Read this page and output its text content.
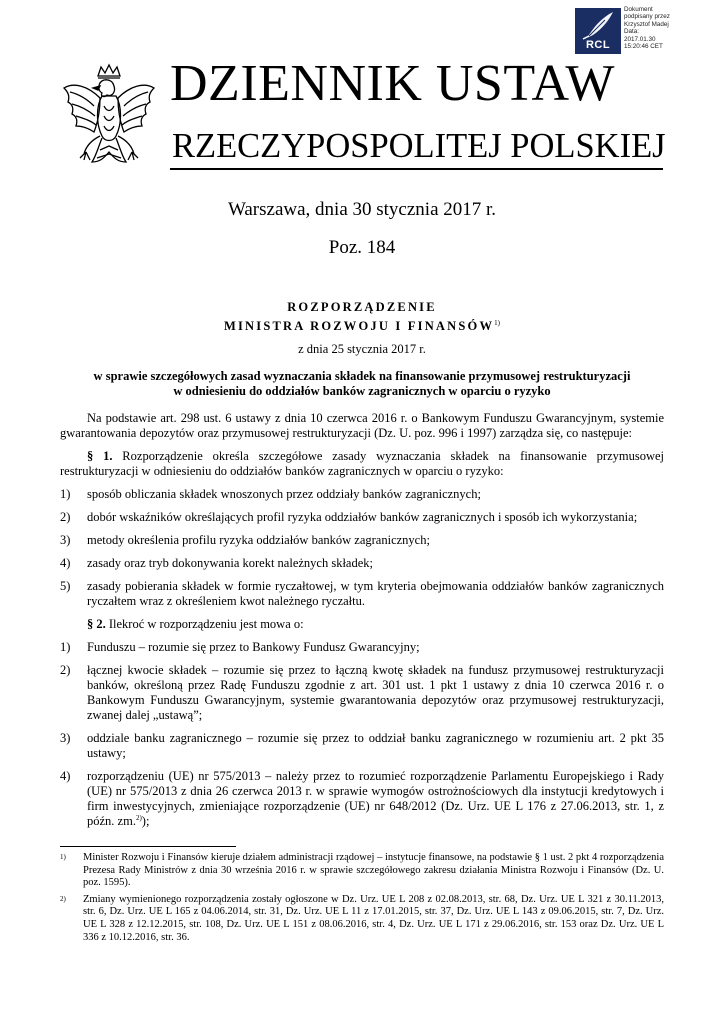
RCL
Dokument
podpisany przez
Krzysztof Madej
Data:
2017.01.30
15:20:46 CET
DZIENNIK USTAW
RZECZYPOSPOLITEJ POLSKIEJ
Warszawa, dnia 30 stycznia 2017 r.
Poz. 184
ROZPORZĄDZENIE
MINISTRA ROZWOJU I FINANSÓW$^{1)}$
z dnia 25 stycznia 2017 r.
w sprawie szczegółowych zasad wyznaczania składek na finansowanie przymusowej restrukturyzacji
w odniesieniu do oddziałów banków zagranicznych w oparciu o ryzyko

Na podstawie art. 298 ust. 6 ustawy z dnia 10 czerwca 2016 r. o Bankowym Funduszu Gwarancyjnym, systemie gwarantowania depozytów oraz przymusowej restrukturyzacji (Dz. U. poz. 996 i 1997) zarządza się, co następuje:

§ 1. Rozporządzenie określa szczegółowe zasady wyznaczania składek na finansowanie przymusowej restrukturyzacji w odniesieniu do oddziałów banków zagranicznych w oparciu o ryzyko:

1)	sposób obliczania składek wnoszonych przez oddziały banków zagranicznych;
2)	dobór wskaźników określających profil ryzyka oddziałów banków zagranicznych i sposób ich wykorzystania;
3)	metody określenia profilu ryzyka oddziałów banków zagranicznych;
4)	zasady oraz tryb dokonywania korekt należnych składek;
5)	zasady pobierania składek w formie ryczałtowej, w tym kryteria obejmowania oddziałów banków zagranicznych ryczałtem wraz z określeniem kwot należnego ryczałtu.

§ 2. Ilekroć w rozporządzeniu jest mowa o:

1)	Funduszu – rozumie się przez to Bankowy Fundusz Gwarancyjny;
2)	łącznej kwocie składek – rozumie się przez to łączną kwotę składek na fundusz przymusowej restrukturyzacji banków, określoną przez Radę Funduszu zgodnie z art. 301 ust. 1 pkt 1 ustawy z dnia 10 czerwca 2016 r. o Bankowym Funduszu Gwarancyjnym, systemie gwarantowania depozytów oraz przymusowej restrukturyzacji, zwanej dalej „ustawą”;
3)	oddziale banku zagranicznego – rozumie się przez to oddział banku zagranicznego w rozumieniu art. 2 pkt 35 ustawy;
4)	rozporządzeniu (UE) nr 575/2013 – należy przez to rozumieć rozporządzenie Parlamentu Europejskiego i Rady (UE) nr 575/2013 z dnia 26 czerwca 2013 r. w sprawie wymogów ostrożnościowych dla instytucji kredytowych i firm inwestycyjnych, zmieniające rozporządzenie (UE) nr 648/2012 (Dz. Urz. UE L 176 z 27.06.2013, str. 1, z późn. zm.$^{2)}$);
1)	Minister Rozwoju i Finansów kieruje działem administracji rządowej – instytucje finansowe, na podstawie § 1 ust. 2 pkt 4 rozporządzenia Prezesa Rady Ministrów z dnia 30 września 2016 r. w sprawie szczegółowego zakresu działania Ministra Rozwoju i Finansów (Dz. U. poz. 1595).
2)	Zmiany wymienionego rozporządzenia zostały ogłoszone w Dz. Urz. UE L 208 z 02.08.2013, str. 68, Dz. Urz. UE L 321 z 30.11.2013, str. 6, Dz. Urz. UE L 165 z 04.06.2014, str. 31, Dz. Urz. UE L 11 z 17.01.2015, str. 37, Dz. Urz. UE L 143 z 09.06.2015, str. 7, Dz. Urz. UE L 328 z 12.12.2015, str. 108, Dz. Urz. UE L 151 z 08.06.2016, str. 4, Dz. Urz. UE L 171 z 29.06.2016, str. 153 oraz Dz. Urz. UE L 336 z 10.12.2016, str. 36.
